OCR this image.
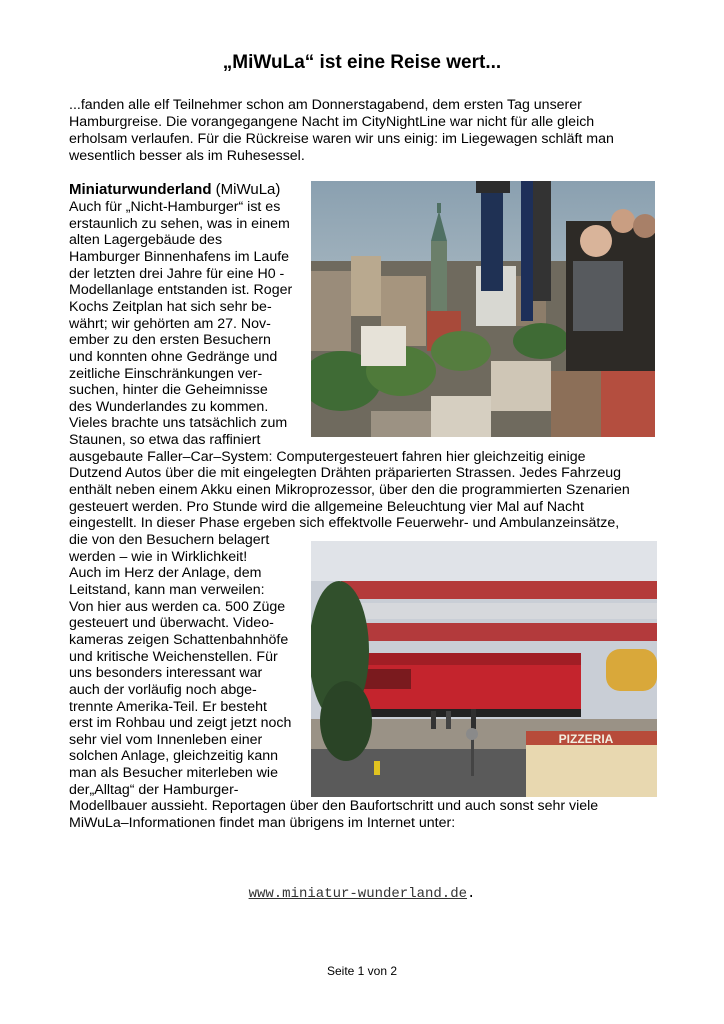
„MiWuLa“ ist eine Reise wert...
...fanden alle elf Teilnehmer schon am Donnerstagabend, dem ersten Tag unserer
Hamburgreise. Die vorangegangene Nacht im CityNightLine war nicht für alle gleich
erholsam verlaufen. Für die Rückreise waren wir uns einig: im Liegewagen schläft man
wesentlich besser als im Ruhesessel.
Miniaturwunderland (MiWuLa)
Auch für „Nicht-Hamburger“ ist es
erstaunlich zu sehen, was in einem
alten Lagergebäude des
Hamburger Binnenhafens im Laufe
der letzten drei Jahre für eine H0 -
Modellanlage entstanden ist. Roger
Kochs Zeitplan hat sich sehr be-
währt; wir gehörten am 27. Nov-
ember zu den ersten Besuchern
und konnten ohne Gedränge und
zeitliche Einschränkungen ver-
suchen, hinter die Geheimnisse
des Wunderlandes zu kommen.
Vieles brachte uns tatsächlich zum
Staunen, so etwa das raffiniert
ausgebaute Faller–Car–System: Computergesteuert fahren hier gleichzeitig einige
Dutzend Autos über die mit eingelegten Drähten präparierten Strassen. Jedes Fahrzeug
enthält neben einem Akku einen Mikroprozessor, über den die programmierten Szenarien
gesteuert werden. Pro Stunde wird die allgemeine Beleuchtung vier Mal auf Nacht
eingestellt. In dieser Phase ergeben sich effektvolle Feuerwehr- und Ambulanzeinsätze,
die von den Besuchern belagert
werden – wie in Wirklichkeit!
Auch im Herz der Anlage, dem
Leitstand, kann man verweilen:
Von hier aus werden ca. 500 Züge
gesteuert und überwacht. Video-
kameras zeigen Schattenbahnhöfe
und kritische Weichenstellen. Für
uns besonders interessant war
auch der vorläufig noch abge-
trennte Amerika-Teil. Er besteht
erst im Rohbau und zeigt jetzt noch
sehr viel vom Innenleben einer
solchen Anlage, gleichzeitig kann
man als Besucher miterleben wie
der„Alltag“ der Hamburger-
Modellbauer aussieht. Reportagen über den Baufortschritt und auch sonst sehr viele
MiWuLa–Informationen findet man übrigens im Internet unter:
PIZZERIA
www.miniatur-wunderland.de.
Seite 1 von 2
